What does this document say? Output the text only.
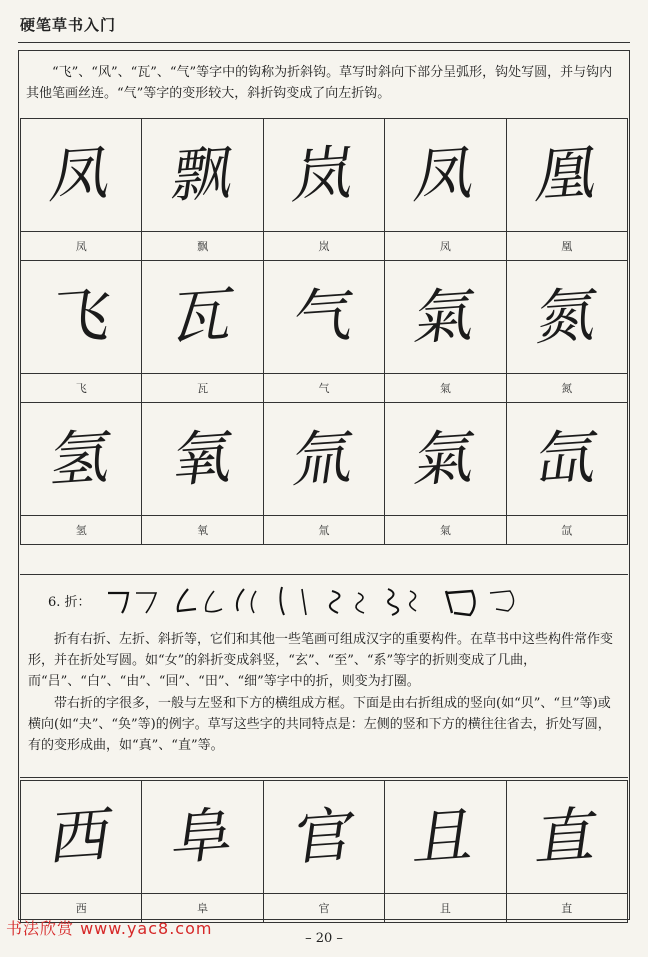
硬笔草书入门

“飞”、“风”、“瓦”、“气”等字中的钩称为折斜钩。草写时斜向下部分呈弧形，钩处写圆，并与钩内其他笔画丝连。“气”等字的变形较大，斜折钩变成了向左折钩。

凤	飘	岚	凤	凰
凤	飘	岚	凤	凰
飞	瓦	气	氣	氮
飞	瓦	气	氣	氮
氢	氧	氚	氣	氙
氢	氧	氚	氣	氙
6. 折：

折有右折、左折、斜折等，它们和其他一些笔画可组成汉字的重要构件。在草书中这些构件常作变形，并在折处写圆。如“女”的斜折变成斜竖，“玄”、“至”、“系”等字的折则变成了几曲，而“吕”、“白”、“由”、“回”、“田”、“细”等字中的折，则变为打圈。

带右折的字很多，一般与左竖和下方的横组成方框。下面是由右折组成的竖向(如“贝”、“旦”等)或横向(如“夬”、“奂”等)的例字。草写这些字的共同特点是：左侧的竖和下方的横往往省去，折处写圆，有的变形成曲，如“真”、“直”等。

西	阜	官	且	直
西	阜	官	且	直
书法欣赏 www.yac8.com
– 20 –
